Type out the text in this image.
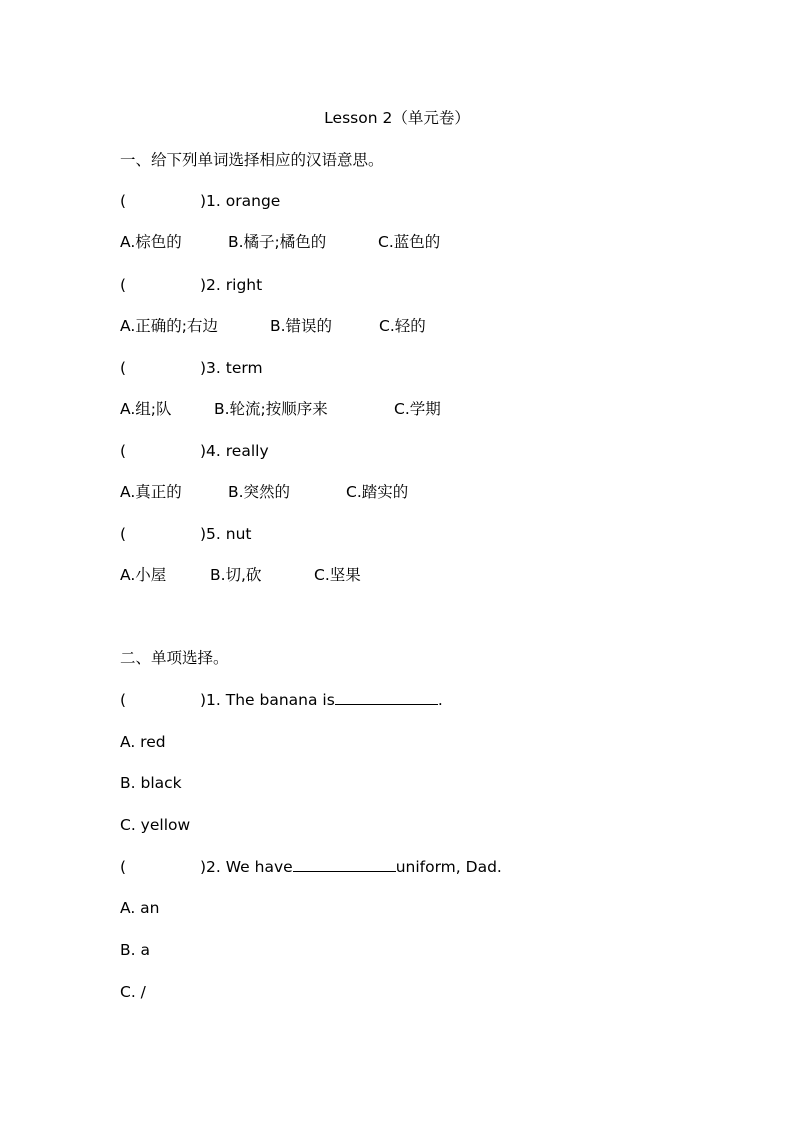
Lesson 2（单元卷）
一、给下列单词选择相应的汉语意思。
(	)1. orange
A.棕色的	B.橘子;橘色的	C.蓝色的
(	)2. right
A.正确的;右边	B.错误的	C.轻的
(	)3. term
A.组;队	B.轮流;按顺序来	C.学期
(	)4. really
A.真正的	B.突然的	C.踏实的
(	)5. nut
A.小屋	B.切,砍	C.坚果
二、单项选择。
(	)1. The banana is	.
A. red
B. black
C. yellow
(	)2. We have	uniform, Dad.
A. an
B. a
C. /
